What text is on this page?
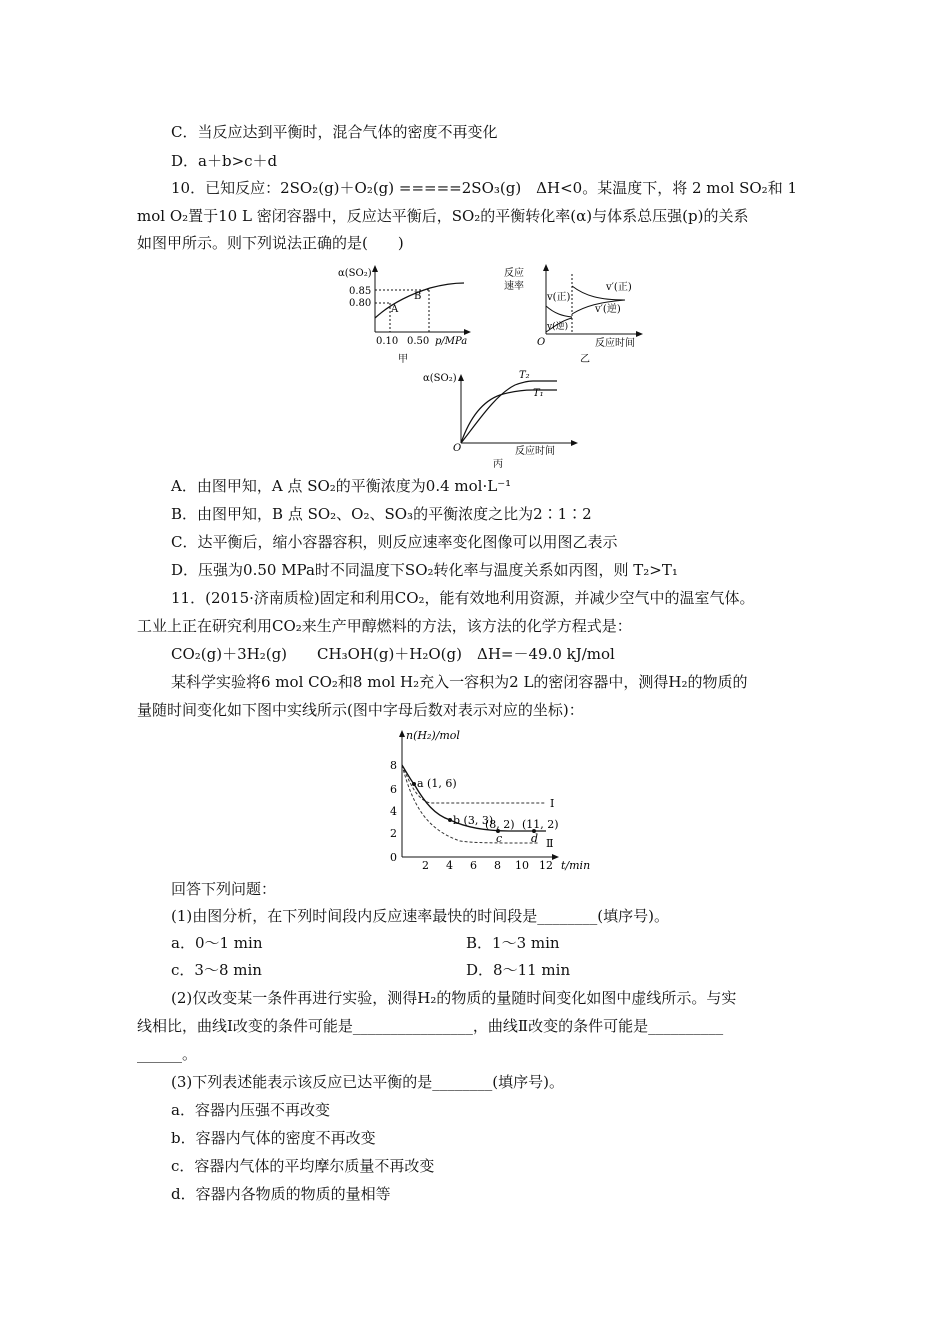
C．当反应达到平衡时，混合气体的密度不再变化
D．a＋b>c＋d
10．已知反应：2SO₂(g)＋O₂(g) =====2SO₃(g)　ΔH<0。某温度下，将 2 mol SO₂和 1
mol O₂置于10 L 密闭容器中，反应达平衡后，SO₂的平衡转化率(α)与体系总压强(p)的关系
如图甲所示。则下列说法正确的是(　　)
α(SO₂)
0.85
0.80
A
B
0.10 0.50 p/MPa
甲
反应
速率
v(正)
v(逆)
v′(正)
v′(逆)
O	反应时间
乙
α(SO₂)	T₂
T₁
O	反应时间
丙
A．由图甲知，A 点 SO₂的平衡浓度为0.4 mol·L⁻¹
B．由图甲知，B 点 SO₂、O₂、SO₃的平衡浓度之比为2∶1∶2
C．达平衡后，缩小容器容积，则反应速率变化图像可以用图乙表示
D．压强为0.50 MPa时不同温度下SO₂转化率与温度关系如丙图，则 T₂>T₁
11．(2015·济南质检)固定和利用CO₂，能有效地利用资源，并减少空气中的温室气体。
工业上正在研究利用CO₂来生产甲醇燃料的方法，该方法的化学方程式是：
CO₂(g)＋3H₂(g)　　CH₃OH(g)＋H₂O(g)　ΔH=－49.0 kJ/mol
某科学实验将6 mol CO₂和8 mol H₂充入一容积为2 L的密闭容器中，测得H₂的物质的
量随时间变化如下图中实线所示(图中字母后数对表示对应的坐标)：
n(H₂)/mol
8
6
4
2
0
2 4 6 8 10 12 t/min
a (1, 6)
b (3, 3)
(8, 2)
c
(11, 2)
d
Ⅰ
Ⅱ
回答下列问题：
(1)由图分析，在下列时间段内反应速率最快的时间段是________(填序号)。
a．0～1 min	B．1～3 min
c．3～8 min	D．8～11 min
(2)仅改变某一条件再进行实验，测得H₂的物质的量随时间变化如图中虚线所示。与实
线相比，曲线Ⅰ改变的条件可能是________________，曲线Ⅱ改变的条件可能是__________
______。
(3)下列表述能表示该反应已达平衡的是________(填序号)。
a．容器内压强不再改变
b．容器内气体的密度不再改变
c．容器内气体的平均摩尔质量不再改变
d．容器内各物质的物质的量相等
